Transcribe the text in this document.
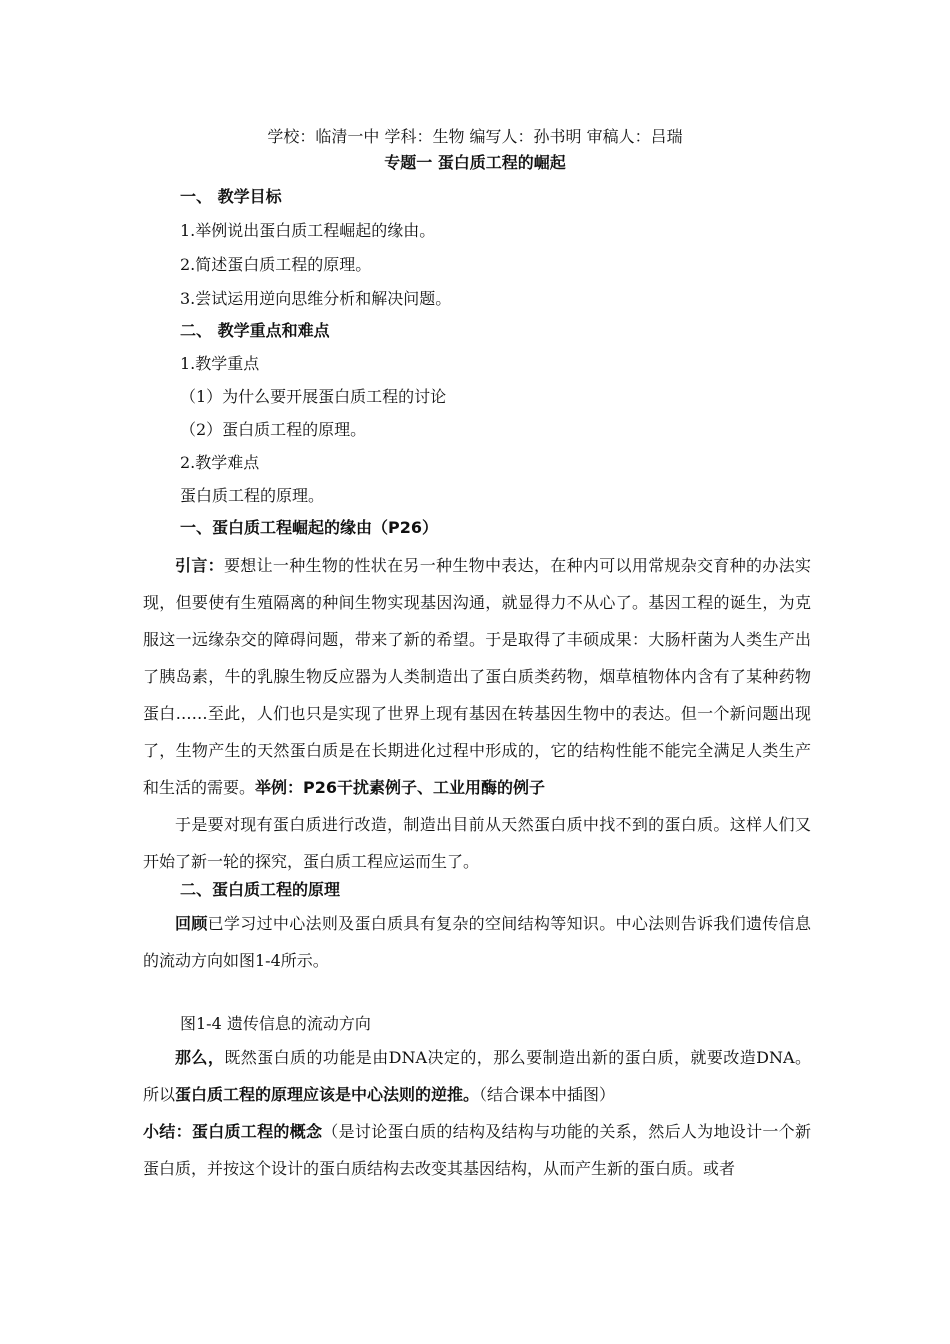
学校：临清一中 学科：生物 编写人：孙书明 审稿人：吕瑞
专题一 蛋白质工程的崛起
一、 教学目标
1.举例说出蛋白质工程崛起的缘由。
2.简述蛋白质工程的原理。
3.尝试运用逆向思维分析和解决问题。
二、 教学重点和难点
1.教学重点
（1）为什么要开展蛋白质工程的讨论
（2）蛋白质工程的原理。
2.教学难点
蛋白质工程的原理。
一、蛋白质工程崛起的缘由（P26）

引言：要想让一种生物的性状在另一种生物中表达，在种内可以用常规杂交育种的办法实现，但要使有生殖隔离的种间生物实现基因沟通，就显得力不从心了。基因工程的诞生，为克服这一远缘杂交的障碍问题，带来了新的希望。于是取得了丰硕成果：大肠杆菌为人类生产出了胰岛素，牛的乳腺生物反应器为人类制造出了蛋白质类药物，烟草植物体内含有了某种药物蛋白……至此，人们也只是实现了世界上现有基因在转基因生物中的表达。但一个新问题出现了，生物产生的天然蛋白质是在长期进化过程中形成的，它的结构性能不能完全满足人类生产和生活的需要。举例：P26干扰素例子、工业用酶的例子

于是要对现有蛋白质进行改造，制造出目前从天然蛋白质中找不到的蛋白质。这样人们又开始了新一轮的探究，蛋白质工程应运而生了。

二、蛋白质工程的原理

回顾已学习过中心法则及蛋白质具有复杂的空间结构等知识。中心法则告诉我们遗传信息的流动方向如图1-4所示。

图1-4 遗传信息的流动方向

那么，既然蛋白质的功能是由DNA决定的，那么要制造出新的蛋白质，就要改造DNA。所以蛋白质工程的原理应该是中心法则的逆推。（结合课本中插图）

小结：蛋白质工程的概念（是讨论蛋白质的结构及结构与功能的关系，然后人为地设计一个新蛋白质，并按这个设计的蛋白质结构去改变其基因结构，从而产生新的蛋白质。或者
